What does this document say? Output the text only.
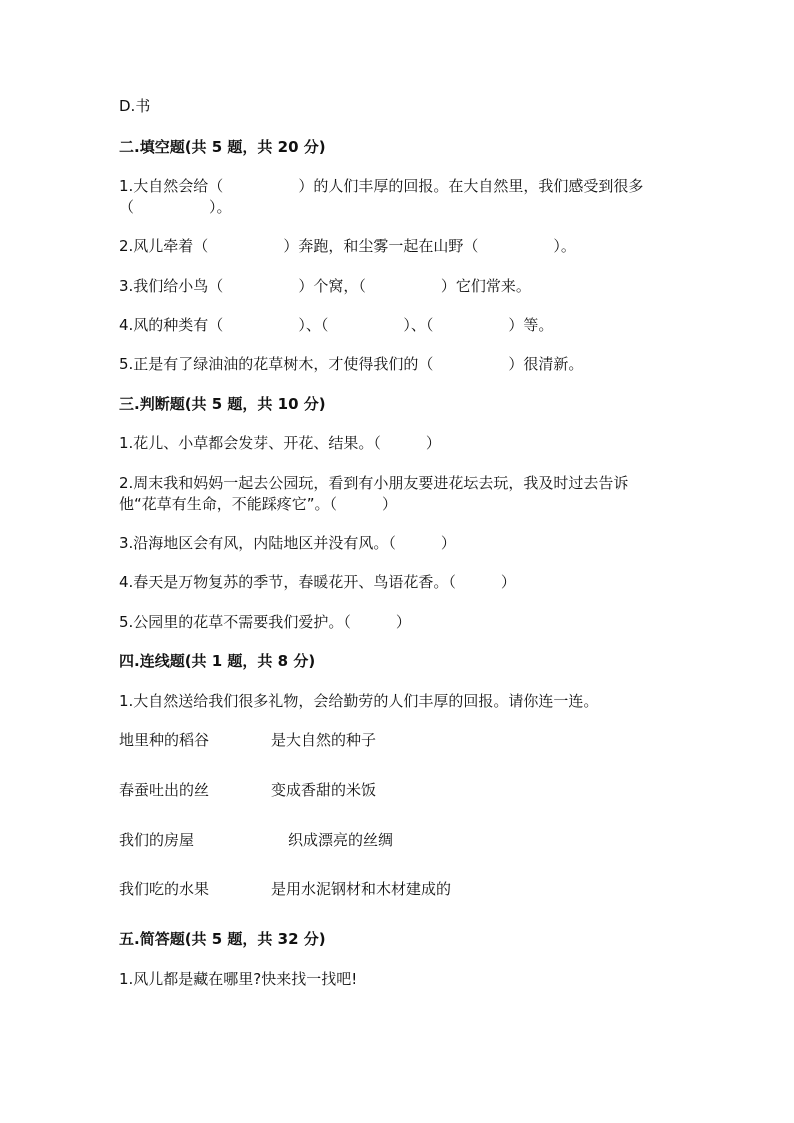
D.书
二.填空题(共 5 题，共 20 分)
1.大自然会给（　　　　　）的人们丰厚的回报。在大自然里，我们感受到很多
（　　　　　）。
2.风儿牵着（　　　　　）奔跑，和尘雾一起在山野（　　　　　）。
3.我们给小鸟（　　　　　）个窝，（　　　　　）它们常来。
4.风的种类有（　　　　　）、（　　　　　）、（　　　　　）等。
5.正是有了绿油油的花草树木，才使得我们的（　　　　　）很清新。
三.判断题(共 5 题，共 10 分)
1.花儿、小草都会发芽、开花、结果。（　　　）
2.周末我和妈妈一起去公园玩，看到有小朋友要进花坛去玩，我及时过去告诉
他“花草有生命，不能踩疼它”。（　　　）
3.沿海地区会有风，内陆地区并没有风。（　　　）
4.春天是万物复苏的季节，春暖花开、鸟语花香。（　　　）
5.公园里的花草不需要我们爱护。（　　　）
四.连线题(共 1 题，共 8 分)
1.大自然送给我们很多礼物，会给勤劳的人们丰厚的回报。请你连一连。
地里种的稻谷	是大自然的种子
春蚕吐出的丝	变成香甜的米饭
我们的房屋	织成漂亮的丝绸
我们吃的水果	是用水泥钢材和木材建成的
五.简答题(共 5 题，共 32 分)
1.风儿都是藏在哪里?快来找一找吧!
